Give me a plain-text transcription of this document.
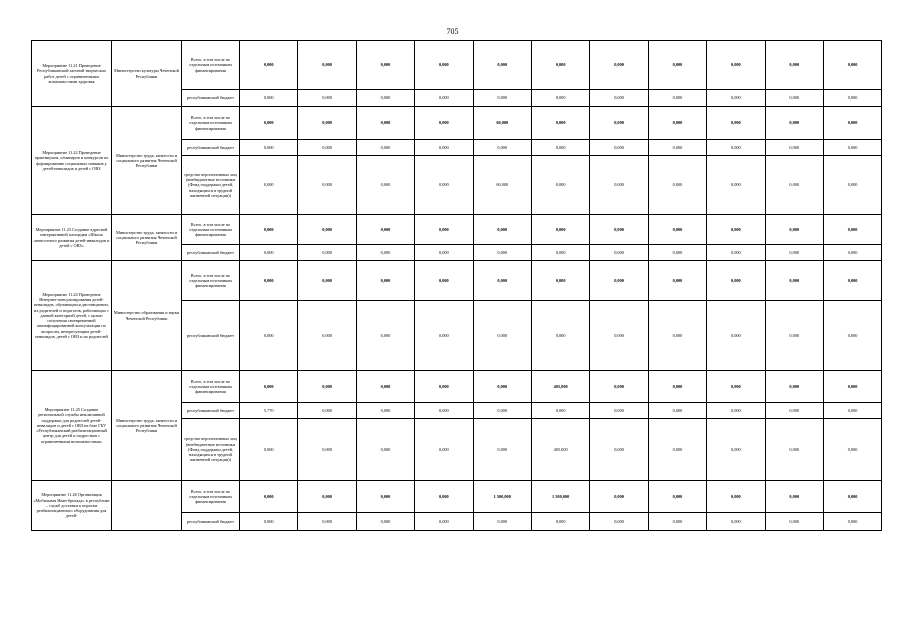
705
Мероприятие 11.21 Проведение Республиканской заочной творческих работ детей с ограниченными возможностями здоровья	Министерство культуры Чеченской Республики	Всего, в том числе по отдельным источникам финансирования	0,000	0,000	0,000	0,000	0,000	0,000	0,000	0,000	0,000	0,000	0,000
		республиканский бюджет	0,000	0,000	0,000	0,000	0,000	0,000	0,000	0,000	0,000	0,000	0,000
Мероприятие 11.22 Проведение практикумов, семинаров и конкурсов по формированию социальных навыков у детей-инвалидов и детей с ОВЗ	Министерство труда, занятости и социального развития Чеченской Республики	Всего, в том числе по отдельным источникам финансирования	0,000	0,000	0,000	0,000	60,000	0,000	0,000	0,000	0,000	0,000	0,000
		республиканский бюджет	0,000	0,000	0,000	0,000	0,000	0,000	0,000	0,000	0,000	0,000	0,000
		средства перспективных лиц (внебюджетные источники (Фонд поддержки детей, находящихся в трудной жизненной ситуации))	0,000	0,000	0,000	0,000	60,000	0,000	0,000	0,000	0,000	0,000	0,000
Мероприятие 11.23 Создание адресной интерактивной площадки «Школа личностного развития детей-инвалидов и детей с ОВЗ»	Министерство труда, занятости и социального развития Чеченской Республики	Всего, в том числе по отдельным источникам финансирования	0,000	0,000	0,000	0,000	0,000	0,000	0,000	0,000	0,000	0,000	0,000
		республиканский бюджет	0,000	0,000	0,000	0,000	0,000	0,000	0,000	0,000	0,000	0,000	0,000
Мероприятие 11.24 Проведение Интернет-консультирования детей-инвалидов, обучающихся дистанционно, их родителей и педагогов, работающих с данной категорией детей, с целью получения своевременной квалифицированной консультации по вопросам, интересующим детей-инвалидов, детей с ОВЗ и их родителей	Министерство образования и науки Чеченской Республики	Всего, в том числе по отдельным источникам финансирования	0,000	0,000	0,000	0,000	0,000	0,000	0,000	0,000	0,000	0,000	0,000
		республиканский бюджет	0,000	0,000	0,000	0,000	0,000	0,000	0,000	0,000	0,000	0,000	0,000
Мероприятие 11.25 Создание региональной службы инклюзивной поддержки для родителей детей-инвалидов и детей с ОВЗ на базе ГБУ «Республиканский реабилитационный центр для детей и подростков с ограниченными возможностями»	Министерство труда, занятости и социального развития Чеченской Республики	Всего, в том числе по отдельным источникам финансирования	0,000	0,000	0,000	0,000	0,000	405,000	0,000	0,000	0,000	0,000	0,000
		республиканский бюджет	5,770	0,000	0,000	0,000	0,000	0,000	0,000	0,000	0,000	0,000	0,000
		средства перспективных лиц (внебюджетные источники (Фонд поддержки детей, находящихся в трудной жизненной ситуации))	0,000	0,000	0,000	0,000	0,000	405,000	0,000	0,000	0,000	0,000	0,000
Мероприятие 11.26 Организация «Мобильная Иван-бригада» в республике – служб доставки к порогам реабилитационного оборудования для детей-		Всего, в том числе по отдельным источникам финансирования	0,000	0,000	0,000	0,000	1 500,000	1 500,000	0,000	0,000	0,000	0,000	0,000
		республиканский бюджет	0,000	0,000	0,000	0,000	0,000	0,000	0,000	0,000	0,000	0,000	0,000
